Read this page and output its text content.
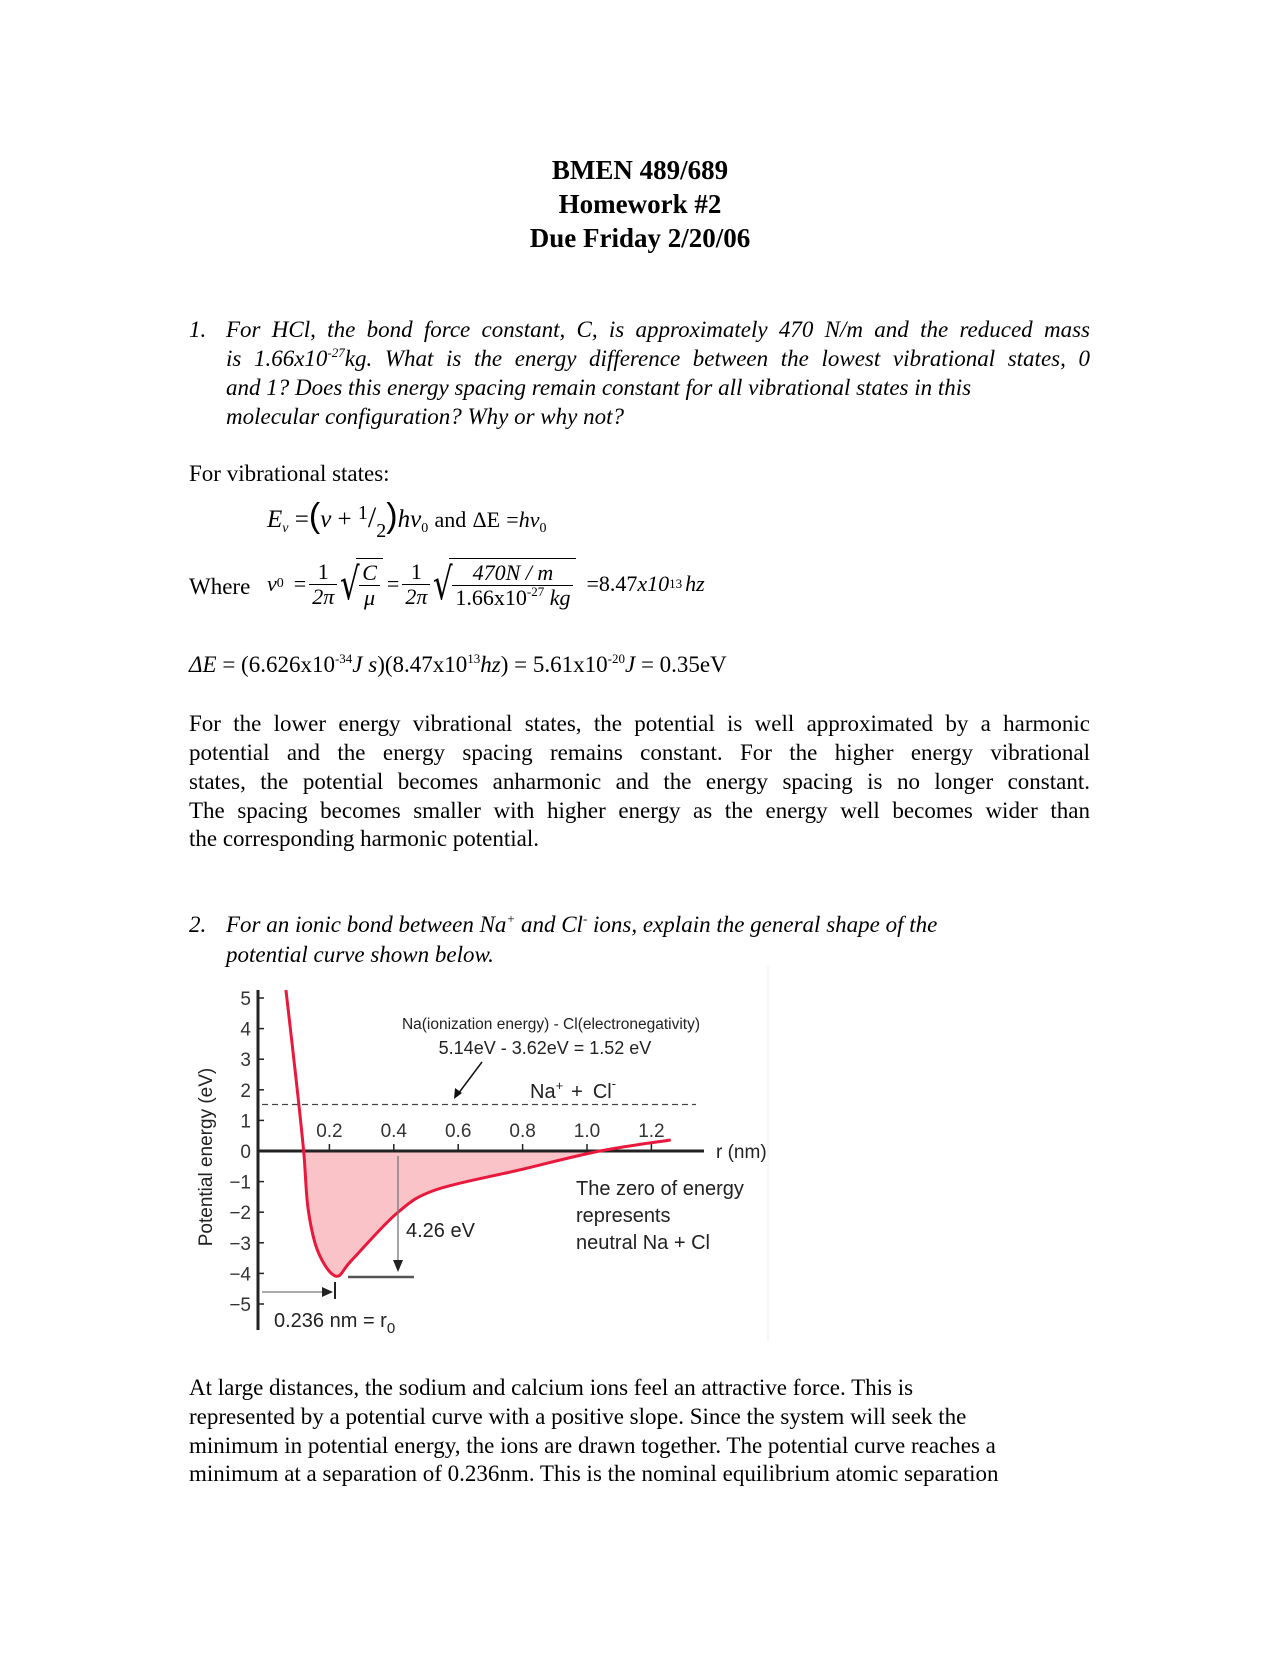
BMEN 489/689
Homework #2
Due Friday 2/20/06
1. For HCl, the bond force constant, C, is approximately 470 N/m and the reduced mass
is $1.66x10^{-27}kg$. What is the energy difference between the lowest vibrational states, 0
and 1? Does this energy spacing remain constant for all vibrational states in this
molecular configuration? Why or why not?
For vibrational states:
$E_\nu =(\nu + ^1/_2)h\nu_0$ and $\Delta E =h\nu_0$
Where ν $0 = \frac{1}{2\pi}$ √ $\frac{C}{\mu} = \frac{1}{2\pi}$ √ $\frac{470N / m}{1.66x10^{-27} kg} =8.47$ x10 13 hz
$\Delta E = (6.626x10^{-34}J$ $s)(8.47x10^{13}hz) = 5.61x10^{-20}J = 0.35eV$
For the lower energy vibrational states, the potential is well approximated by a harmonic
potential and the energy spacing remains constant. For the higher energy vibrational
states, the potential becomes anharmonic and the energy spacing is no longer constant.
The spacing becomes smaller with higher energy as the energy well becomes wider than
the corresponding harmonic potential.
2. For an ionic bond between Na+ and Cl- ions, explain the general shape of the
potential curve shown below.
5
4
3
2
1
0
−1
−2
−3
−4
−5
0.2 0.4 0.6 0.8 1.0 1.2
Potential energy (eV)	r (nm)
Na(ionization energy) - Cl(electronegativity)
5.14eV - 3.62eV = 1.52 eV
Na+ + Cl-
4.26 eV
The zero of energy
represents
neutral Na + Cl
0.236 nm = $r_0$
At large distances, the sodium and calcium ions feel an attractive force. This is
represented by a potential curve with a positive slope. Since the system will seek the
minimum in potential energy, the ions are drawn together. The potential curve reaches a
minimum at a separation of 0.236nm. This is the nominal equilibrium atomic separation
